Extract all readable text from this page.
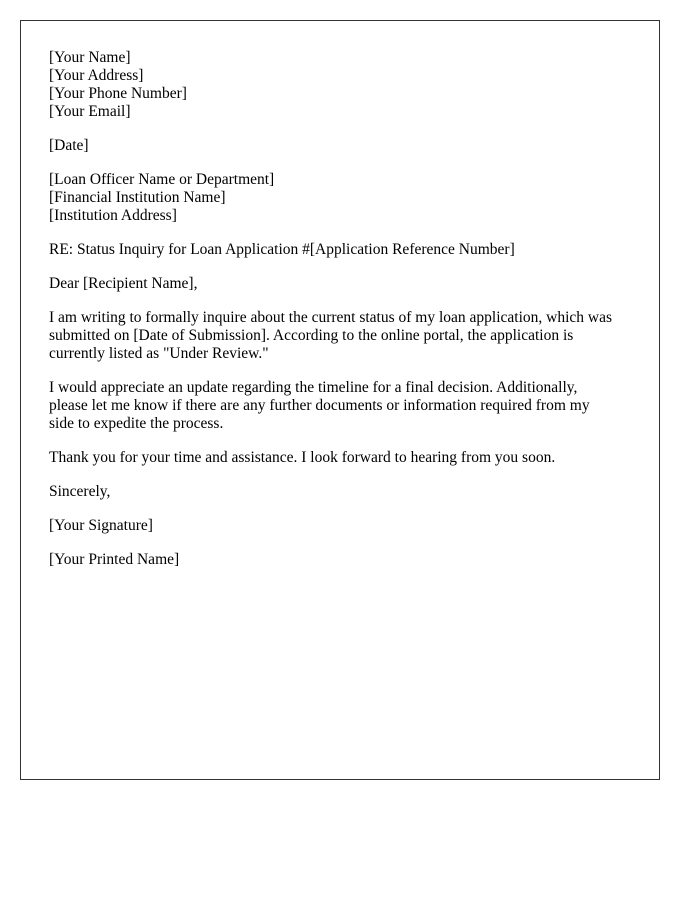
[Your Name]
[Your Address]
[Your Phone Number]
[Your Email]
[Date]
[Loan Officer Name or Department]
[Financial Institution Name]
[Institution Address]
RE: Status Inquiry for Loan Application #[Application Reference Number]
Dear [Recipient Name],
I am writing to formally inquire about the current status of my loan application, which was
submitted on [Date of Submission]. According to the online portal, the application is
currently listed as "Under Review."
I would appreciate an update regarding the timeline for a final decision. Additionally,
please let me know if there are any further documents or information required from my
side to expedite the process.
Thank you for your time and assistance. I look forward to hearing from you soon.
Sincerely,
[Your Signature]
[Your Printed Name]
